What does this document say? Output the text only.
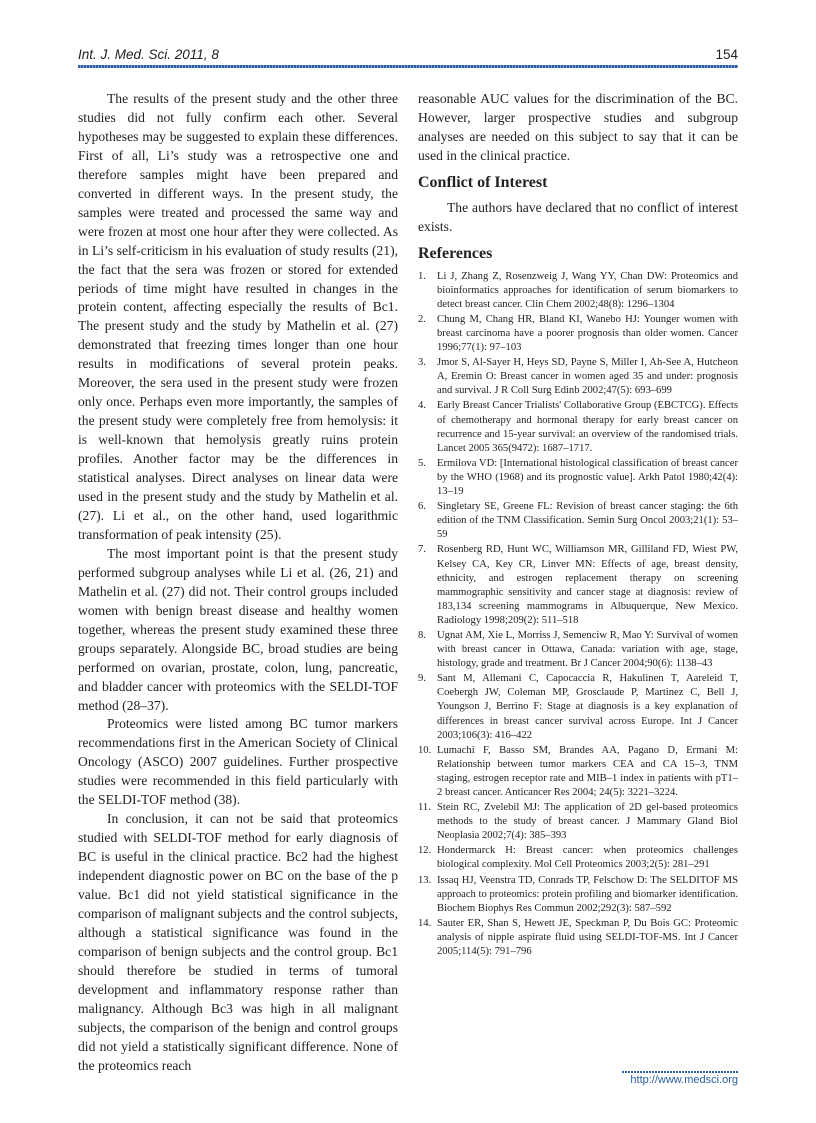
Int. J. Med. Sci. 2011, 8	154

The results of the present study and the other three studies did not fully confirm each other. Several hypotheses may be suggested to explain these differences. First of all, Li’s study was a retrospective one and therefore samples might have been prepared and converted in different ways. In the present study, the samples were treated and processed the same way and were frozen at most one hour after they were collected. As in Li’s self-criticism in his evaluation of study results (21), the fact that the sera was frozen or stored for extended periods of time might have resulted in changes in the protein content, affecting especially the results of Bc1. The present study and the study by Mathelin et al. (27) demonstrated that freezing times longer than one hour results in modifications of several protein peaks. Moreover, the sera used in the present study were frozen only once. Perhaps even more importantly, the samples of the present study were completely free from hemolysis: it is well-known that hemolysis greatly ruins protein profiles. Another factor may be the differences in statistical analyses. Direct analyses on linear data were used in the present study and the study by Mathelin et al. (27). Li et al., on the other hand, used logarithmic transformation of peak intensity (25).

The most important point is that the present study performed subgroup analyses while Li et al. (26, 21) and Mathelin et al. (27) did not. Their control groups included women with benign breast disease and healthy women together, whereas the present study examined these three groups separately. Alongside BC, broad studies are being performed on ovarian, prostate, colon, lung, pancreatic, and bladder cancer with proteomics with the SELDI-TOF method (28–37).

Proteomics were listed among BC tumor markers recommendations first in the American Society of Clinical Oncology (ASCO) 2007 guidelines. Further prospective studies were recommended in this field particularly with the SELDI-TOF method (38).

In conclusion, it can not be said that proteomics studied with SELDI-TOF method for early diagnosis of BC is useful in the clinical practice. Bc2 had the highest independent diagnostic power on BC on the base of the p value. Bc1 did not yield statistical significance in the comparison of malignant subjects and the control subjects, although a statistical significance was found in the comparison of benign subjects and the control group. Bc1 should therefore be studied in terms of tumoral development and inflammatory response rather than malignancy. Although Bc3 was high in all malignant subjects, the comparison of the benign and control groups did not yield a statistically significant difference. None of the proteomics reach

reasonable AUC values for the discrimination of the BC. However, larger prospective studies and subgroup analyses are needed on this subject to say that it can be used in the clinical practice.

Conflict of Interest

The authors have declared that no conflict of interest exists.

References
1.	Li J, Zhang Z, Rosenzweig J, Wang YY, Chan DW: Proteomics and bioinformatics approaches for identification of serum biomarkers to detect breast cancer. Clin Chem 2002;48(8): 1296–1304
2.	Chung M, Chang HR, Bland KI, Wanebo HJ: Younger women with breast carcinoma have a poorer prognosis than older women. Cancer 1996;77(1): 97–103
3.	Jmor S, Al-Sayer H, Heys SD, Payne S, Miller I, Ah-See A, Hutcheon A, Eremin O: Breast cancer in women aged 35 and under: prognosis and survival. J R Coll Surg Edinb 2002;47(5): 693–699
4.	Early Breast Cancer Trialists' Collaborative Group (EBCTCG). Effects of chemotherapy and hormonal therapy for early breast cancer on recurrence and 15-year survival: an overview of the randomised trials. Lancet 2005 365(9472): 1687–1717.
5.	Ermilova VD: [International histological classification of breast cancer by the WHO (1968) and its prognostic value]. Arkh Patol 1980;42(4): 13–19
6.	Singletary SE, Greene FL: Revision of breast cancer staging: the 6th edition of the TNM Classification. Semin Surg Oncol 2003;21(1): 53–59
7.	Rosenberg RD, Hunt WC, Williamson MR, Gilliland FD, Wiest PW, Kelsey CA, Key CR, Linver MN: Effects of age, breast density, ethnicity, and estrogen replacement therapy on screening mammographic sensitivity and cancer stage at diagnosis: review of 183,134 screening mammograms in Albuquerque, New Mexico. Radiology 1998;209(2): 511–518
8.	Ugnat AM, Xie L, Morriss J, Semenciw R, Mao Y: Survival of women with breast cancer in Ottawa, Canada: variation with age, stage, histology, grade and treatment. Br J Cancer 2004;90(6): 1138–43
9.	Sant M, Allemani C, Capocaccia R, Hakulinen T, Aareleid T, Coebergh JW, Coleman MP, Grosclaude P, Martinez C, Bell J, Youngson J, Berrino F: Stage at diagnosis is a key explanation of differences in breast cancer survival across Europe. Int J Cancer 2003;106(3): 416–422
10. Lumachi F, Basso SM, Brandes AA, Pagano D, Ermani M: Relationship between tumor markers CEA and CA 15–3, TNM staging, estrogen receptor rate and MIB–1 index in patients with pT1–2 breast cancer. Anticancer Res 2004; 24(5): 3221–3224.
11. Stein RC, Zvelebil MJ: The application of 2D gel-based proteomics methods to the study of breast cancer. J Mammary Gland Biol Neoplasia 2002;7(4): 385–393
12. Hondermarck H: Breast cancer: when proteomics challenges biological complexity. Mol Cell Proteomics 2003;2(5): 281–291
13. Issaq HJ, Veenstra TD, Conrads TP, Felschow D: The SELDITOF MS approach to proteomics: protein profiling and biomarker identification. Biochem Biophys Res Commun 2002;292(3): 587–592
14. Sauter ER, Shan S, Hewett JE, Speckman P, Du Bois GC: Proteomic analysis of nipple aspirate fluid using SELDI-TOF-MS. Int J Cancer 2005;114(5): 791–796
http://www.medsci.org
